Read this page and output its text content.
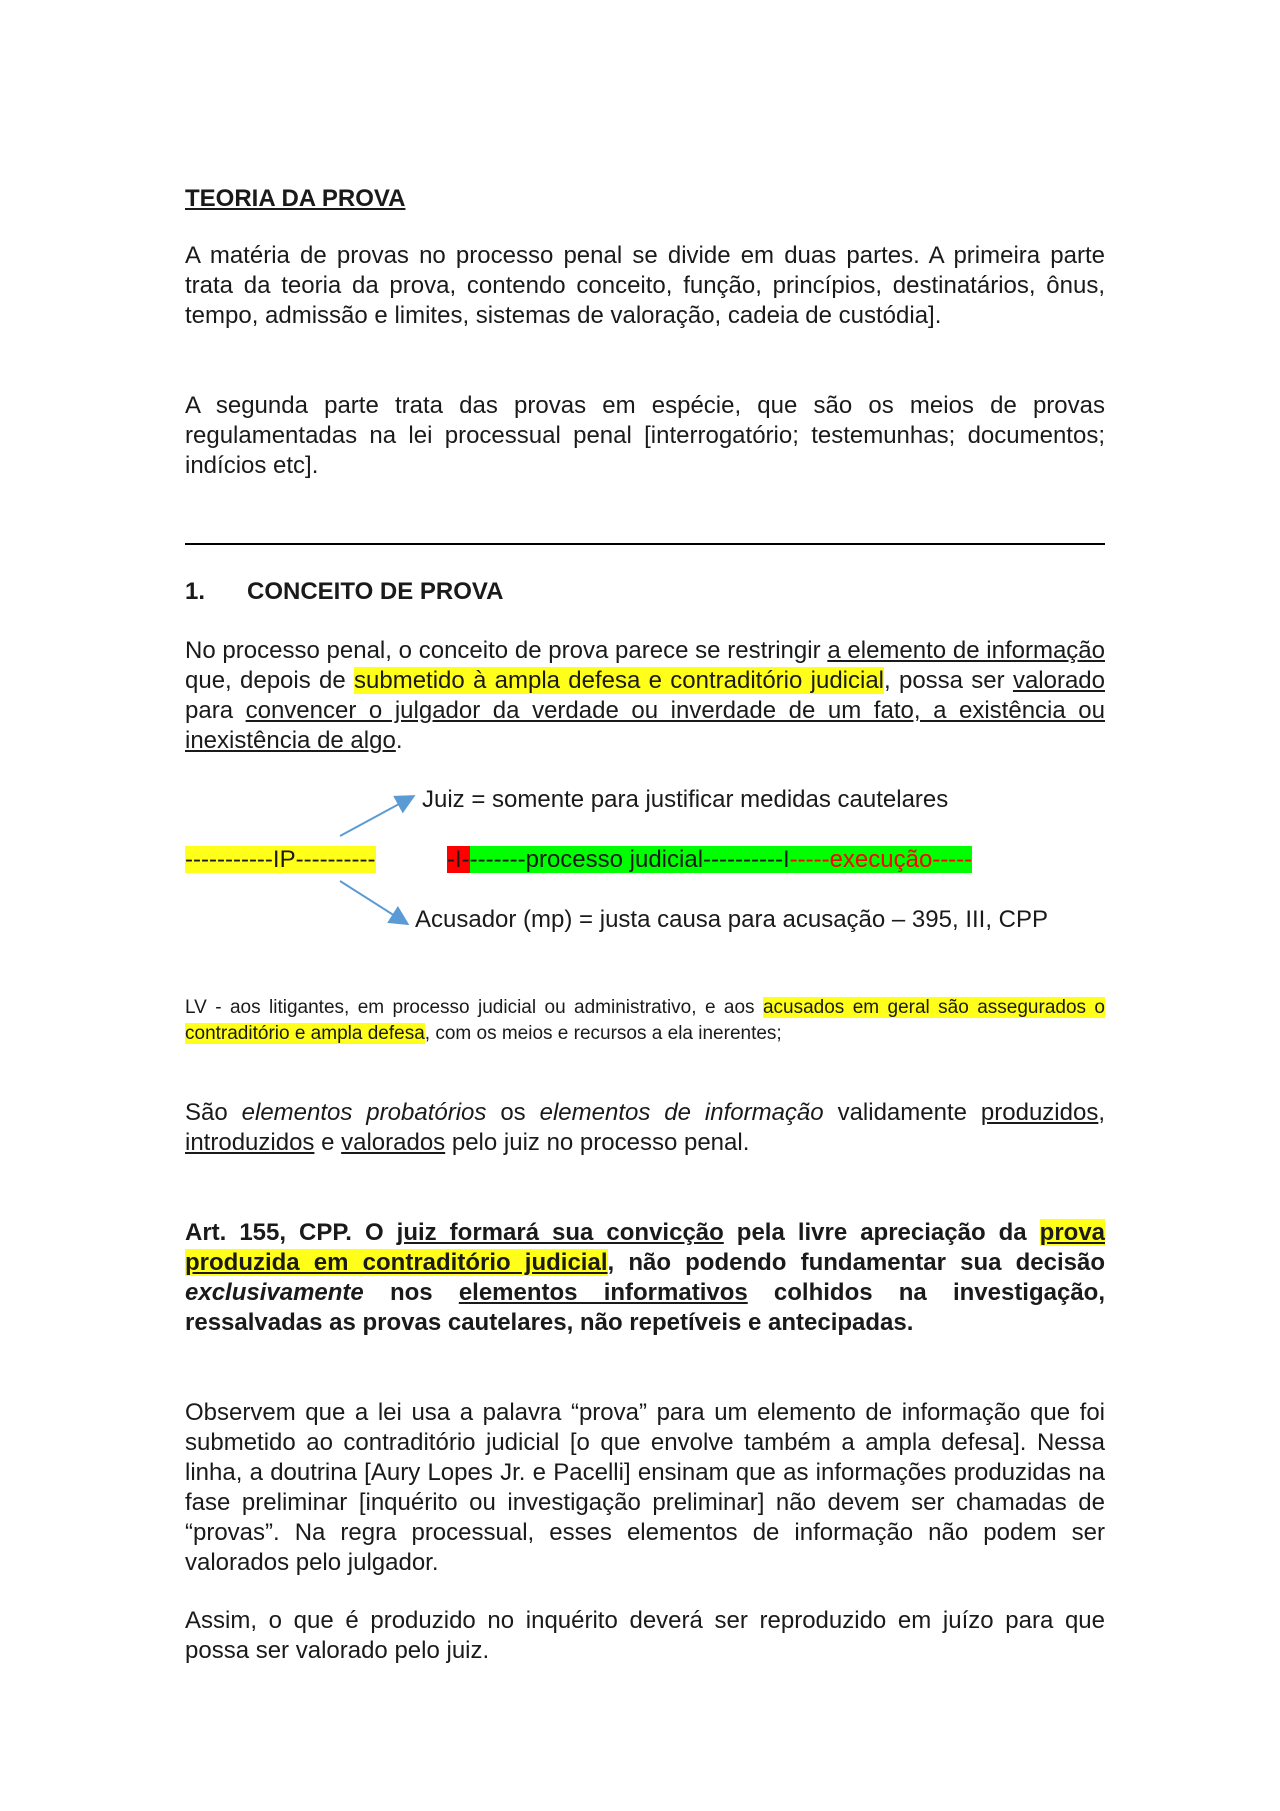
TEORIA DA PROVA

A matéria de provas no processo penal se divide em duas partes. A primeira parte trata da teoria da prova, contendo conceito, função, princípios, destinatários, ônus, tempo, admissão e limites, sistemas de valoração, cadeia de custódia].

A segunda parte trata das provas em espécie, que são os meios de provas regulamentadas na lei processual penal [interrogatório; testemunhas; documentos; indícios etc].

1. CONCEITO DE PROVA

No processo penal, o conceito de prova parece se restringir a elemento de informação que, depois de submetido à ampla defesa e contraditório judicial, possa ser valorado para convencer o julgador da verdade ou inverdade de um fato, a existência ou inexistência de algo.

Juiz = somente para justificar medidas cautelares
-----------IP----------	-I--------processo judicial----------I-----execução-----
Acusador (mp) = justa causa para acusação – 395, III, CPP

LV - aos litigantes, em processo judicial ou administrativo, e aos acusados em geral são assegurados o contraditório e ampla defesa, com os meios e recursos a ela inerentes;

São elementos probatórios os elementos de informação validamente produzidos, introduzidos e valorados pelo juiz no processo penal.

Art. 155, CPP. O juiz formará sua convicção pela livre apreciação da prova produzida em contraditório judicial, não podendo fundamentar sua decisão exclusivamente nos elementos informativos colhidos na investigação, ressalvadas as provas cautelares, não repetíveis e antecipadas.

Observem que a lei usa a palavra “prova” para um elemento de informação que foi submetido ao contraditório judicial [o que envolve também a ampla defesa]. Nessa linha, a doutrina [Aury Lopes Jr. e Pacelli] ensinam que as informações produzidas na fase preliminar [inquérito ou investigação preliminar] não devem ser chamadas de “provas”. Na regra processual, esses elementos de informação não podem ser valorados pelo julgador.

Assim, o que é produzido no inquérito deverá ser reproduzido em juízo para que possa ser valorado pelo juiz.
